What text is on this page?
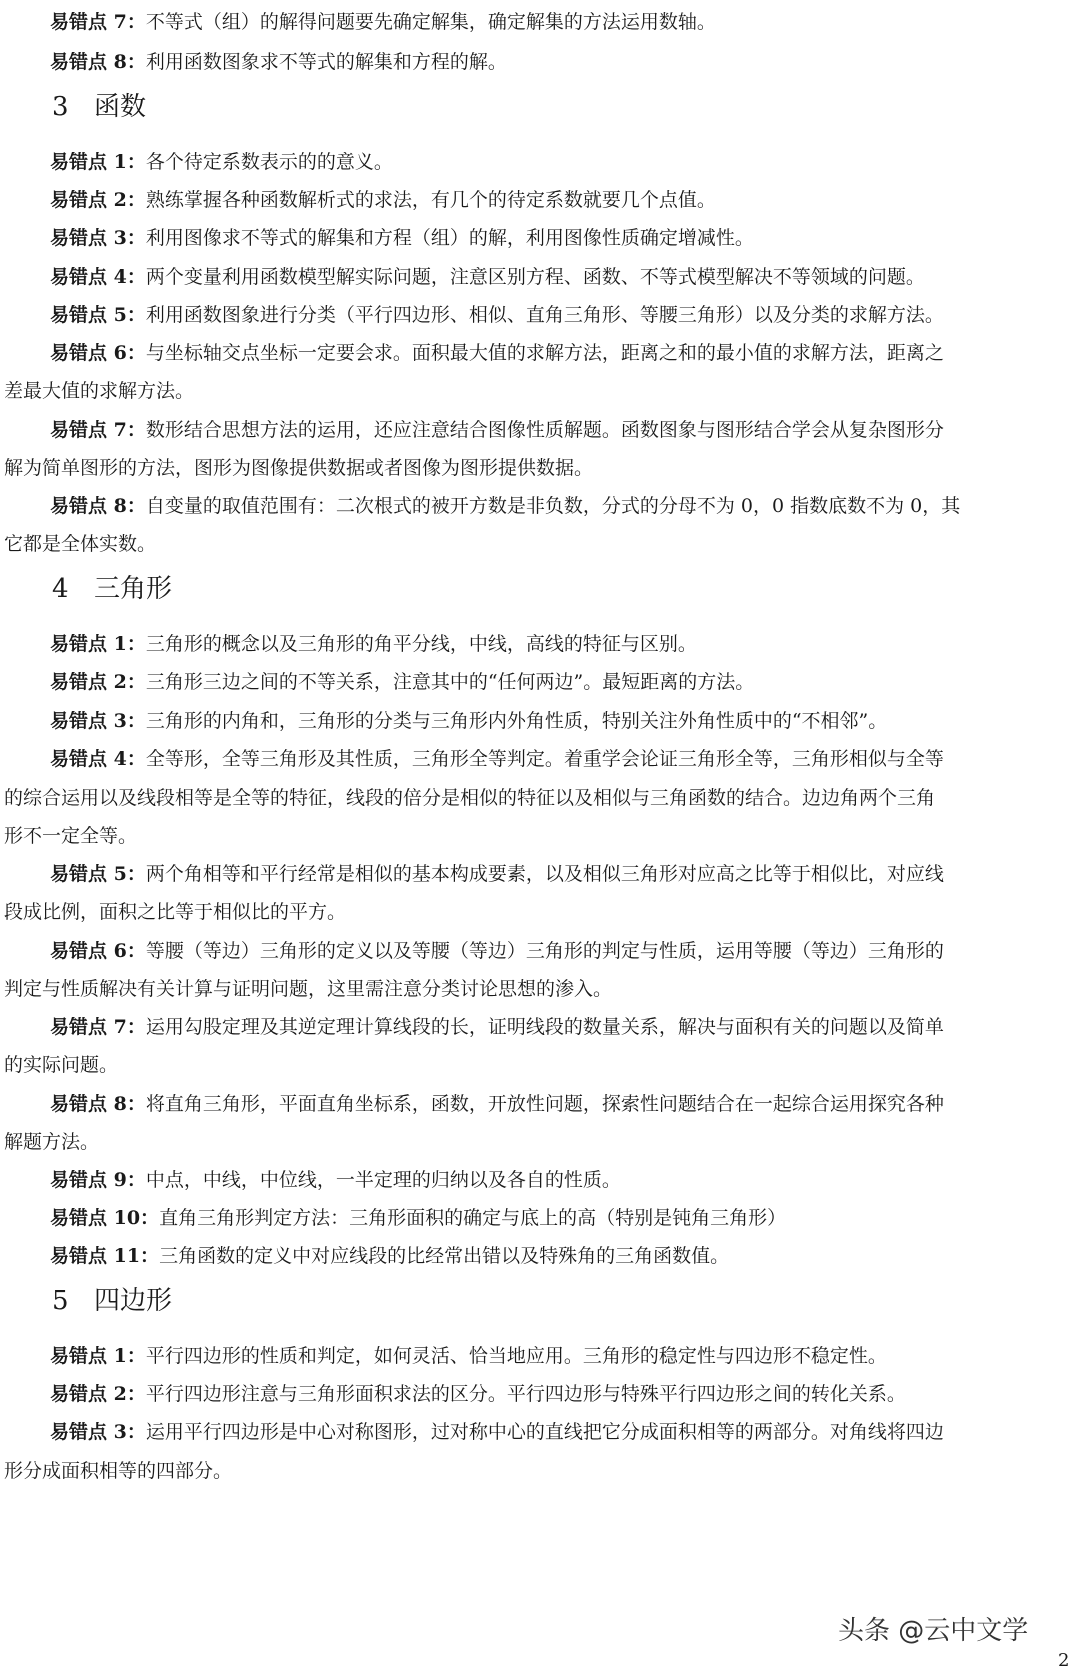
易错点 7：不等式（组）的解得问题要先确定解集，确定解集的方法运用数轴。
易错点 8：利用函数图象求不等式的解集和方程的解。
3 函数
易错点 1：各个待定系数表示的的意义。
易错点 2：熟练掌握各种函数解析式的求法，有几个的待定系数就要几个点值。
易错点 3：利用图像求不等式的解集和方程（组）的解，利用图像性质确定增减性。
易错点 4：两个变量利用函数模型解实际问题，注意区别方程、函数、不等式模型解决不等领域的问题。
易错点 5：利用函数图象进行分类（平行四边形、相似、直角三角形、等腰三角形）以及分类的求解方法。
易错点 6：与坐标轴交点坐标一定要会求。面积最大值的求解方法，距离之和的最小值的求解方法，距离之
差最大值的求解方法。
易错点 7：数形结合思想方法的运用，还应注意结合图像性质解题。函数图象与图形结合学会从复杂图形分
解为简单图形的方法，图形为图像提供数据或者图像为图形提供数据。
易错点 8：自变量的取值范围有：二次根式的被开方数是非负数，分式的分母不为 0，0 指数底数不为 0，其
它都是全体实数。
4 三角形
易错点 1：三角形的概念以及三角形的角平分线，中线，高线的特征与区别。
易错点 2：三角形三边之间的不等关系，注意其中的“任何两边”。最短距离的方法。
易错点 3：三角形的内角和，三角形的分类与三角形内外角性质，特别关注外角性质中的“不相邻”。
易错点 4：全等形，全等三角形及其性质，三角形全等判定。着重学会论证三角形全等，三角形相似与全等
的综合运用以及线段相等是全等的特征，线段的倍分是相似的特征以及相似与三角函数的结合。边边角两个三角
形不一定全等。
易错点 5：两个角相等和平行经常是相似的基本构成要素，以及相似三角形对应高之比等于相似比，对应线
段成比例，面积之比等于相似比的平方。
易错点 6：等腰（等边）三角形的定义以及等腰（等边）三角形的判定与性质，运用等腰（等边）三角形的
判定与性质解决有关计算与证明问题，这里需注意分类讨论思想的渗入。
易错点 7：运用勾股定理及其逆定理计算线段的长，证明线段的数量关系，解决与面积有关的问题以及简单
的实际问题。
易错点 8：将直角三角形，平面直角坐标系，函数，开放性问题，探索性问题结合在一起综合运用探究各种
解题方法。
易错点 9：中点，中线，中位线，一半定理的归纳以及各自的性质。
易错点 10：直角三角形判定方法：三角形面积的确定与底上的高（特别是钝角三角形）
易错点 11：三角函数的定义中对应线段的比经常出错以及特殊角的三角函数值。
5 四边形
易错点 1：平行四边形的性质和判定，如何灵活、恰当地应用。三角形的稳定性与四边形不稳定性。
易错点 2：平行四边形注意与三角形面积求法的区分。平行四边形与特殊平行四边形之间的转化关系。
易错点 3：运用平行四边形是中心对称图形，过对称中心的直线把它分成面积相等的两部分。对角线将四边
形分成面积相等的四部分。
头条 @云中文学
2
